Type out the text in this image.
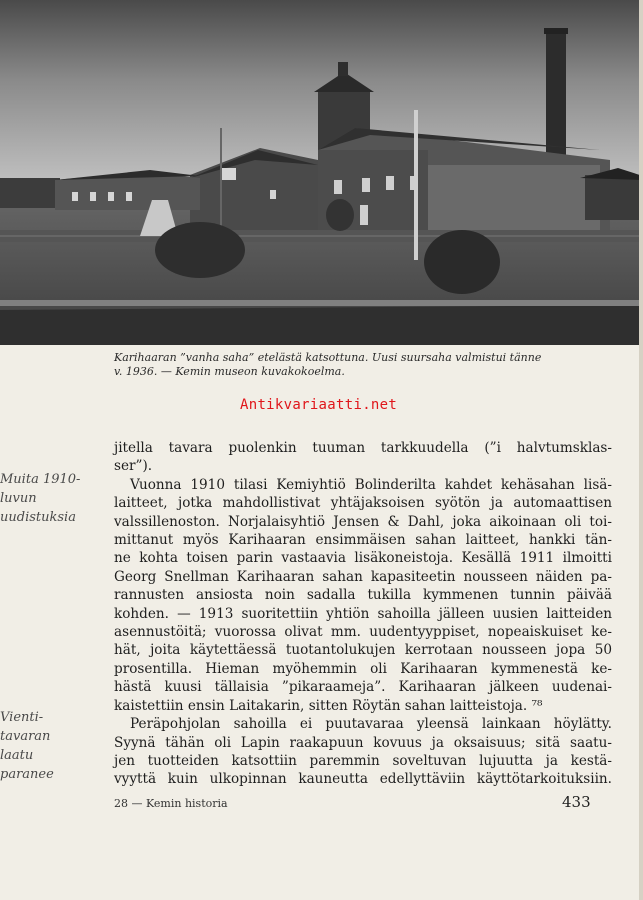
Karihaaran ”vanha saha” etelästä katsottuna. Uusi suursaha valmistui tänne
v. 1936. — Kemin museon kuvakokoelma.
Antikvariaatti.net
Muita 1910-
luvun
uudistuksia
Vienti-
tavaran
laatu
paranee
jitella tavara puolenkin tuuman tarkkuudella (”i halvtumsklas-
ser”).
Vuonna 1910 tilasi Kemiyhtiö Bolinderilta kahdet kehäsahan lisä-
laitteet, jotka mahdollistivat yhtäjaksoisen syötön ja automaattisen
valssillenoston. Norjalaisyhtiö Jensen & Dahl, joka aikoinaan oli toi-
mittanut myös Karihaaran ensimmäisen sahan laitteet, hankki tän-
ne kohta toisen parin vastaavia lisäkoneistoja. Kesällä 1911 ilmoitti
Georg Snellman Karihaaran sahan kapasiteetin nousseen näiden pa-
rannusten ansiosta noin sadalla tukilla kymmenen tunnin päivää
kohden. — 1913 suoritettiin yhtiön sahoilla jälleen uusien laitteiden
asennustöitä; vuorossa olivat mm. uudentyyppiset, nopeaiskuiset ke-
hät, joita käytettäessä tuotantolukujen kerrotaan nousseen jopa 50
prosentilla. Hieman myöhemmin oli Karihaaran kymmenestä ke-
hästä kuusi tällaisia ”pikaraameja”. Karihaaran jälkeen uudenai-
kaistettiin ensin Laitakarin, sitten Röytän sahan laitteistoja. ⁷⁸
Peräpohjolan sahoilla ei puutavaraa yleensä lainkaan höylätty.
Syynä tähän oli Lapin raakapuun kovuus ja oksaisuus; sitä saatu-
jen tuotteiden katsottiin paremmin soveltuvan lujuutta ja kestä-
vyyttä kuin ulkopinnan kauneutta edellyttäviin käyttötarkoituksiin.
28 — Kemin historia	433
